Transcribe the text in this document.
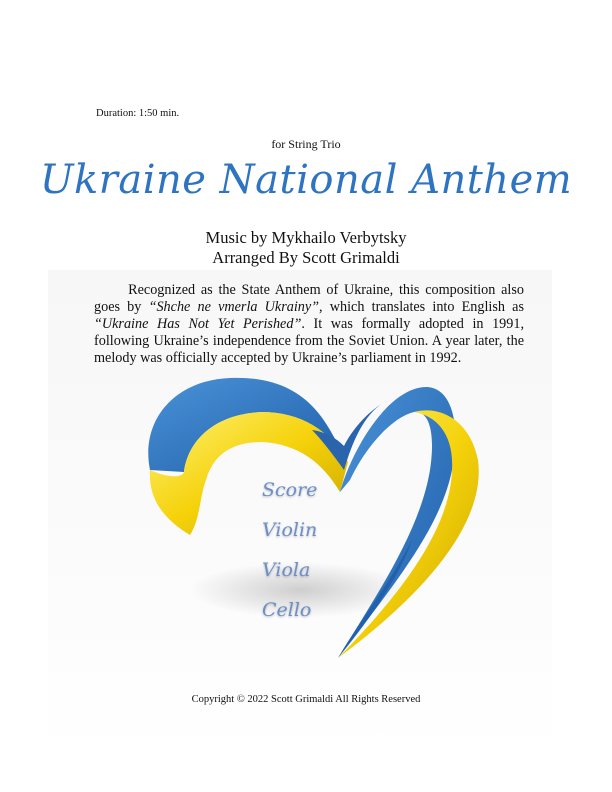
Duration: 1:50 min.
for String Trio
Ukraine National Anthem
Music by Mykhailo Verbytsky
Arranged By Scott Grimaldi
   Recognized as the State Anthem of Ukraine, this composition also goes by “Shche ne vmerla Ukrainy”, which translates into English as “Ukraine Has Not Yet Perished”. It was formally adopted in 1991, following Ukraine’s independence from the Soviet Union. A year later, the melody was officially accepted by Ukraine’s parliament in 1992.
Score
Violin
Viola
Cello
Copyright © 2022 Scott Grimaldi All Rights Reserved
